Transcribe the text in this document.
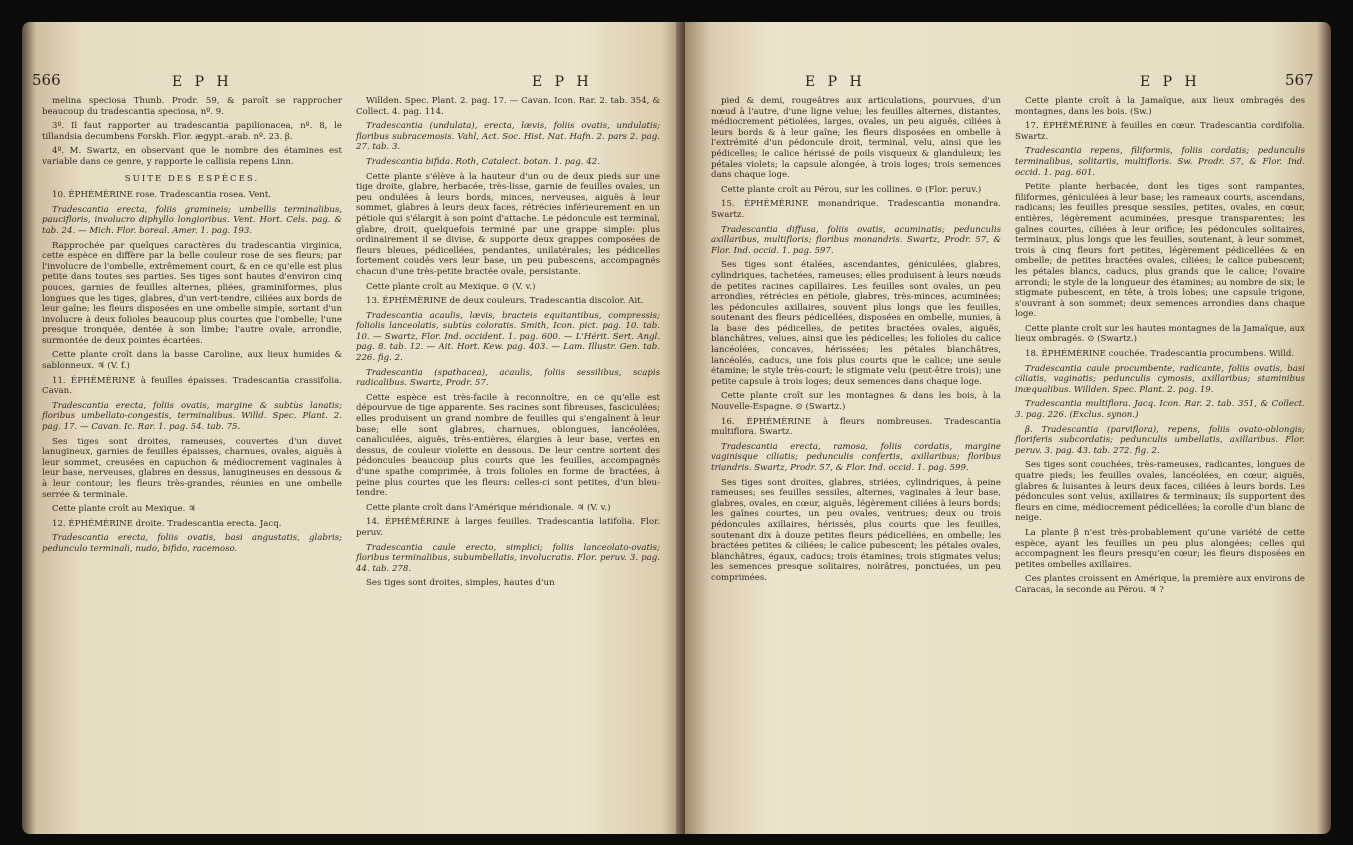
566	E P H	E P H

melina speciosa Thunb. Prodr. 59, & paroît se rapprocher beaucoup du tradescantia speciosa, nº. 9.

3º. Il faut rapporter au tradescantia papilionacea, nº. 8, le tillandsia decumbens Forskh. Flor. ægypt.-arab. nº. 23. β.

4º. M. Swartz, en observant que le nombre des étamines est variable dans ce genre, y rapporte le callisia repens Linn.

SUITE DES ESPÈCES.

10. ÉPHÉMÈRINE rose. Tradescantia rosea. Vent.

Tradescantia erecta, foliis gramineis; umbellis terminalibus, paucifloris, involucro diphyllo longioribus. Vent. Hort. Cels. pag. & tab. 24. — Mich. Flor. boreal. Amer. 1. pag. 193.

Rapprochée par quelques caractères du tradescantia virginica, cette espèce en diffère par la belle couleur rose de ses fleurs; par l'involucre de l'ombelle, extrêmement court, & en ce qu'elle est plus petite dans toutes ses parties. Ses tiges sont hautes d'environ cinq pouces, garnies de feuilles alternes, pliées, graminiformes, plus longues que les tiges, glabres, d'un vert-tendre, ciliées aux bords de leur gaîne; les fleurs disposées en une ombelle simple, sortant d'un involucre à deux folioles beaucoup plus courtes que l'ombelle; l'une presque tronquée, dentée à son limbe; l'autre ovale, arrondie, surmontée de deux pointes écartées.

Cette plante croît dans la basse Caroline, aux lieux humides & sablonneux. ♃ (V. f.)

11. ÉPHÉMÈRINE à feuilles épaisses. Tradescantia crassifolia. Cavan.

Tradescantia erecta, foliis ovatis, margine & subtùs lanatis; floribus umbellato-congestis, terminalibus. Willd. Spec. Plant. 2. pag. 17. — Cavan. Ic. Rar. 1. pag. 54. tab. 75.

Ses tiges sont droites, rameuses, couvertes d'un duvet lanugineux, garnies de feuilles épaisses, charnues, ovales, aiguës à leur sommet, creusées en capuchon & médiocrement vaginales à leur base, nerveuses, glabres en dessus, lanugineuses en dessous & à leur contour; les fleurs très-grandes, réunies en une ombelle serrée & terminale.

Cette plante croît au Mexique. ♃

12. ÉPHÉMÈRINE droite. Tradescantia erecta. Jacq.

Tradescantia erecta, foliis ovatis, basi angustatis, glabris; pedunculo terminali, nudo, bifido, racemoso.

Willden. Spec. Plant. 2. pag. 17. — Cavan. Icon. Rar. 2. tab. 354, & Collect. 4. pag. 114.

Tradescantia (undulata), erecta, lævis, foliis ovatis, undulatis; floribus subracemosis. Vahl, Act. Soc. Hist. Nat. Hafn. 2. pars 2. pag. 27. tab. 3.

Tradescantia bifida. Roth, Catalect. botan. 1. pag. 42.

Cette plante s'élève à la hauteur d'un ou de deux pieds sur une tige droite, glabre, herbacée, très-lisse, garnie de feuilles ovales, un peu ondulées à leurs bords, minces, nerveuses, aiguës à leur sommet, glabres à leurs deux faces, rétrécies inférieurement en un pétiole qui s'élargit à son point d'attache. Le pédoncule est terminal, glabre, droit, quelquefois terminé par une grappe simple: plus ordinairement il se divise, & supporte deux grappes composées de fleurs bleues, pédicellées, pendantes, unilatérales; les pédicelles fortement coudés vers leur base, un peu pubescens, accompagnés chacun d'une très-petite bractée ovale, persistante.

Cette plante croît au Mexique. ⊙ (V. v.)

13. ÉPHÉMÈRINE de deux couleurs. Tradescantia discolor. Ait.

Tradescantia acaulis, lævis, bracteis equitantibus, compressis; foliolis lanceolatis, subtùs coloratis. Smith, Icon. pict. pag. 10. tab. 10. — Swartz, Flor. Ind. occident. 1. pag. 600. — L'Hérit. Sert. Angl. pag. 8. tab. 12. — Ait. Hort. Kew. pag. 403. — Lam. Illustr. Gen. tab. 226. fig. 2.

Tradescantia (spathacea), acaulis, foliis sessilibus, scapis radicalibus. Swartz, Prodr. 57.

Cette espèce est très-facile à reconnoître, en ce qu'elle est dépourvue de tige apparente. Ses racines sont fibreuses, fasciculées; elles produisent un grand nombre de feuilles qui s'engaînent à leur base; elle sont glabres, charnues, oblongues, lancéolées, canaliculées, aiguës, très-entières, élargies à leur base, vertes en dessus, de couleur violette en dessous. De leur centre sortent des pédoncules beaucoup plus courts que les feuilles, accompagnés d'une spathe comprimée, à trois folioles en forme de bractées, à peine plus courtes que les fleurs: celles-ci sont petites, d'un bleu-tendre.

Cette plante croît dans l'Amérique méridionale. ♃ (V. v.)

14. ÉPHÉMÈRINE à larges feuilles. Tradescantia latifolia. Flor. peruv.

Tradescantia caule erecto, simplici; foliis lanceolato-ovatis; floribus terminalibus, subumbellatis, involucratis. Flor. peruv. 3. pag. 44. tab. 278.

Ses tiges sont droites, simples, hautes d'un

E P H	E P H	567

pied & demi, rougeâtres aux articulations, pourvues, d'un nœud à l'autre, d'une ligne velue; les feuilles alternes, distantes, médiocrement pétiolées, larges, ovales, un peu aiguës, ciliées à leurs bords & à leur gaîne; les fleurs disposées en ombelle à l'extrémité d'un pédoncule droit, terminal, velu, ainsi que les pédicelles; le calice hérissé de poils visqueux & glanduleux; les pétales violets; la capsule alongée, à trois loges; trois semences dans chaque loge.

Cette plante croît au Pérou, sur les collines. ⊙ (Flor. peruv.)

15. ÉPHÉMÈRINE monandrique. Tradescantia monandra. Swartz.

Tradescantia diffusa, foliis ovatis, acuminatis; pedunculis axillaribus, multifloris; floribus monandris. Swartz, Prodr. 57, & Flor. Ind. occid. 1. pag. 597.

Ses tiges sont étalées, ascendantes, géniculées, glabres, cylindriques, tachetées, rameuses; elles produisent à leurs nœuds de petites racines capillaires. Les feuilles sont ovales, un peu arrondies, rétrécies en pétiole, glabres, très-minces, acuminées; les pédoncules axillaires, souvent plus longs que les feuilles, soutenant des fleurs pédicellées, disposées en ombelle, munies, à la base des pédicelles, de petites bractées ovales, aiguës, blanchâtres, velues, ainsi que les pédicelles; les folioles du calice lancéolées, concaves, hérissées; les pétales blanchâtres, lancéolés, caducs, une fois plus courts que le calice; une seule étamine; le style très-court; le stigmate velu (peut-être trois); une petite capsule à trois loges; deux semences dans chaque loge.

Cette plante croît sur les montagnes & dans les bois, à la Nouvelle-Espagne. ⊙ (Swartz.)

16. ÉPHÉMÈRINE à fleurs nombreuses. Tradescantia multiflora. Swartz.

Tradescantia erecta, ramosa, foliis cordatis, margine vaginisque ciliatis; pedunculis confertis, axillaribus; floribus triandris. Swartz, Prodr. 57, & Flor. Ind. occid. 1. pag. 599.

Ses tiges sont droites, glabres, striées, cylindriques, à peine rameuses; ses feuilles sessiles, alternes, vaginales à leur base, glabres, ovales, en cœur, aiguës, légèrement ciliées à leurs bords; les gaînes courtes, un peu ovales, ventrues; deux ou trois pédoncules axillaires, hérissés, plus courts que les feuilles, soutenant dix à douze petites fleurs pédicellées, en ombelle; les bractées petites & ciliées; le calice pubescent; les pétales ovales, blanchâtres, égaux, caducs; trois étamines; trois stigmates velus; les semences presque solitaires, noirâtres, ponctuées, un peu comprimées.

Cette plante croît à la Jamaïque, aux lieux ombragés des montagnes, dans les bois. (Sw.)

17. ÉPHÉMÈRINE à feuilles en cœur. Tradescantia cordifolia. Swartz.

Tradescantia repens, filiformis, foliis cordatis; pedunculis terminalibus, solitariis, multifloris. Sw. Prodr. 57, & Flor. Ind. occid. 1. pag. 601.

Petite plante herbacée, dont les tiges sont rampantes, filiformes, géniculées à leur base; les rameaux courts, ascendans, radicans; les feuilles presque sessiles, petites, ovales, en cœur, entières, légèrement acuminées, presque transparentes; les gaînes courtes, ciliées à leur orifice; les pédoncules solitaires, terminaux, plus longs que les feuilles, soutenant, à leur sommet, trois à cinq fleurs fort petites, légèrement pédicellées & en ombelle; de petites bractées ovales, ciliées; le calice pubescent; les pétales blancs, caducs, plus grands que le calice; l'ovaire arrondi; le style de la longueur des étamines; au nombre de six; le stigmate pubescent, en tête, à trois lobes; une capsule trigone, s'ouvrant à son sommet; deux semences arrondies dans chaque loge.

Cette plante croît sur les hautes montagnes de la Jamaïque, aux lieux ombragés. ⊙ (Swartz.)

18. ÉPHÉMÈRINE couchée. Tradescantia procumbens. Willd.

Tradescantia caule procumbente, radicante, foliis ovatis, basi ciliatis, vaginatis; pedunculis cymosis, axillaribus; staminibus inæqualibus. Willden. Spec. Plant. 2. pag. 19.

Tradescantia multiflora. Jacq. Icon. Rar. 2. tab. 351, & Collect. 3. pag. 226. (Exclus. synon.)

β. Tradescantia (parviflora), repens, foliis ovato-oblongis; floriferis subcordatis; pedunculis umbellatis, axillaribus. Flor. peruv. 3. pag. 43. tab. 272. fig. 2.

Ses tiges sont couchées, très-rameuses, radicantes, longues de quatre pieds; les feuilles ovales, lancéolées, en cœur, aiguës, glabres & luisantes à leurs deux faces, ciliées à leurs bords. Les pédoncules sont velus, axillaires & terminaux; ils supportent des fleurs en cime, médiocrement pédicellées; la corolle d'un blanc de neige.

La plante β n'est très-probablement qu'une variété de cette espèce, ayant les feuilles un peu plus alongées; celles qui accompagnent les fleurs presqu'en cœur; les fleurs disposées en petites ombelles axillaires.

Ces plantes croissent en Amérique, la première aux environs de Caracas, la seconde au Pérou. ♃ ?
